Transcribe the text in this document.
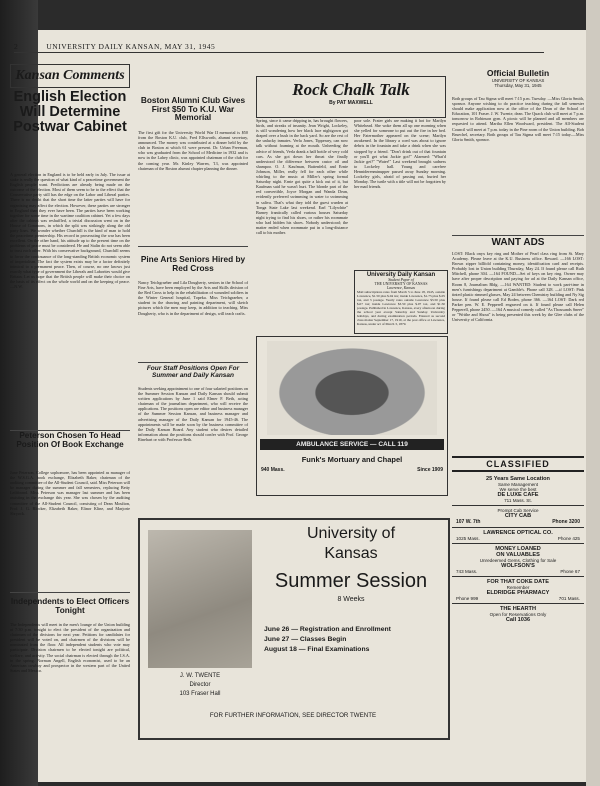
2	UNIVERSITY DAILY KANSAN, MAY 31, 1945
Kansan Comments
English Election Will Determine Postwar Cabinet
A general election in England is to be held early in July. The issue at stake is really the question of what kind of a peacetime government the English people want. Predictions are already being made on the outcome of the election. Most of them seem to be to the effect that the Conservative party still has the edge on the Labor and Liberal parties. There is no doubt that the short time the latter parties will have for organizing may affect the election. However, these parties are stronger in England than they ever have been. The parties have been working together for some time in the wartime coalition cabinet. Yet a few days after the cabinet was reshuffled, a trivial discussion went on in the House of Commons, in which the split was strikingly along the old party lines. We wonder whether Churchill is the kind of man to hold the peacetime premiership. His record in prosecuting the war has been excellent. On the other hand, his attitude up to the present time on the problems of peace must be considered. He and Stalin do not seem able to trust each other. With his conservative background, Churchill seems to favor the continuance of the long-standing British economic system of imperialism. The fact the system exists may be a factor definitely inimical to a permanent peace. Then, of course, no one knows just exactly what type of government the Liberals and Laborites would give Britain. Let us hope that the British people will make their choice on the basis of its effect on the whole world and on the keeping of peace.—N.W.
Peterson Chosen To Head Position Of Book Exchange
June Peterson, College sophomore, has been appointed as manager of the W.S.G.A. book exchange, Elizabeth Baker, chairman of the auditing committee of the All-Student Council, said. Miss Peterson will be manager during the summer and fall semesters, replacing Betty Leibbrand. Miss Peterson was manager last summer and has been assisting in the exchange this year. She was chosen by the auditing committee of the All-Student Council, consisting of Dean Moulton, Prof. J. G. Blocker, Elizabeth Baker, Elinor Kline, and Marjorie Shryock.
Independents to Elect Officers Tonight
The Independents will meet in the men's lounge of the Union building at 7:30 p.m. tonight to elect the president of the organization and chairmen of the divisions for next year. Petitions for candidates for president will be voted on, and chairmen of the divisions will be nominated from the floor. All independent students who vote may participate. Division chairmen to be elected tonight are political, welfare, and activity. The social chairman is elected through the I.S.A. in the spring. Norman Angell, English economist, used to be an American cowboy and prospector in the western part of the United States and Mexico.
Boston Alumni Club Gives First $50 To K.U. War Memorial
The first gift for the University World War II memorial is $50 from the Boston K.U. club, Fred Ellsworth, alumni secretary, announced. The money was contributed at a dinner held by the club in Boston at which 61 were present. Dr. Urban Freeman, who was graduated from the School of Medicine in 1932 and is now in the Lahey clinic, was appointed chairman of the club for the coming year. Mr. Kinley Warren, '13, was appointed chairman of the Boston alumni chapter planning the dinner.
Pine Arts Seniors Hired by Red Cross
Nancy Teichgraeber and Lila Dougherty, seniors in the School of Fine Arts, have been employed by the Arts and Skills division of the Red Cross to help in the rehabilitation of wounded soldiers in the Winter General hospital, Topeka. Miss Teichgraeber, a student in the drawing and painting department, will sketch pictures which the men may keep, in addition to teaching. Miss Dougherty, who is in the department of design, will teach crafts.
Four Staff Positions Open For Summer and Daily Kansan
Students seeking appointment to one of four salaried positions on the Summer Session Kansan and Daily Kansan should submit written applications by June 1 said Elmer F. Beth, acting chairman of the journalism department, who will receive the applications. The positions open are editor and business manager of the Summer Session Kansan, and business manager and advertising manager of the Daily Kansan for 1945-46. The appointments will be made soon by the business committee of the Daily Kansan Board. Any student who desires detailed information about the positions should confer with Prof. George Rinehart or with Professor Beth.
Rock Chalk Talk
By PAT MAXWELL
Spring, since it came dripping in, has brought flowers, birds, and streaks of insanity. Jean Wright, Lockeley, is still wondering how her black lace nightgown got draped over a bush in the back yard. So are the rest of the unlucky inmates. Verla Jones, Tipperary, can now talk without foaming at the mouth. Unheeding the advice of friends, Verla drank a half bottle of very cold cars. As she got down her throat she finally understood the difference between castor oil and shampoo. O. J. Kaufman, Battenfeld, and Ernie Johnson, Miller, really fell for each other while whirling to the music at Miller's spring formal Saturday night. Ernie got quite a kick out of it, but Kaufman said he wasn't hurt. The blonde part of the red convertible, Joyce Morgan and Wanda Dean, evidently preferred swimming in water to swimming in saliva. That's what they told the guest warden at Tonga State Lake last weekend. Earl "Lilywhite" Barney frantically called various houses Saturday night trying to find his shoes, or rather his roommate who had hidden his shoes. Nobody understood; the matter ended when roommate put in a long-distance call to his mother.
poor sole. Frater girls are making it hot for Marilyn Whitehead. She woke them all up one morning when she yelled for someone to put out the fire in her bed. Her Fatermother appeared on the scene; Marilyn awakened. In the library a coed was about to ignore debris in the fountain and take a drink when she was stopped by a friend. "Don't drink out of that fountain or you'll get what Jackie got!" Alarmed: "What'd Jackie get?" "Water!" Last weekend brought sadness to Lockeley hall. Young and carefree Henniderenminupper passed away Sunday morning. Lockeley girls, afraid of passing out, buried her Monday. The turtle with a title will not be forgotten by her mad friends.
University Daily Kansan
Student Paper of
THE UNIVERSITY OF KANSAS
Lawrence, Kansas
Mail subscriptions rates from March 5 to June 18, 1945, outside Lawrence, $1.50 plus $.04 tax; inside Lawrence, $1.75 plus $.05 tax, and 3 postage. Yearly rates outside Lawrence $3.50 plus $.07 tax; inside Lawrence $3.50 plus $.07 tax, and $1.50 postage. Published in Lawrence, Kansas, every afternoon during the school year except Saturday and Sunday. University holidays, and during examination periods. Entered as second class matter September 17, 1910, at the post office at Lawrence, Kansas, under act of March 3, 1879.
AMBULANCE SERVICE — CALL 119
Funk's Mortuary and Chapel
940 Mass.	Since 1909
J. W. TWENTE
Director
103 Fraser Hall
University of
Kansas
Summer Session
8 Weeks
June 26 — Registration and Enrollment
June 27 — Classes Begin
August 18 — Final Examinations
FOR FURTHER INFORMATION, SEE DIRECTOR TWENTE
Official Bulletin
UNIVERSITY OF KANSAS
Thursday, May 31, 1945
Both groups of Tau Sigma will meet 7:15 p.m. Tuesday. —Miss Gloria Smith, sponsor. Anyone wishing to do practice teaching during the fall semester should make application now at the office of the Dean of the School of Education, 101 Fraser. J. W. Twente, dean. The Quack club will meet at 7 p.m. tomorrow in Robinson gym. A picnic will be planned and all members are requested to attend. Martha Ellen Woodward, president. The All-Student Council will meet at 7 p.m. today in the Pine room of the Union building. Bob Bruechel, secretary. Both groups of Tau Sigma will meet 7:15 today.—Miss Gloria Smith, sponsor.
WANT ADS
LOST: Black onyx key ring and Mother of Pearl class ring from St. Mary Academy. Please leave at the K.U. Business office. Reward. —166 LOST: Brown zipper billfold containing money, identification card and receipts. Probably lost in Union building Thursday, May 24. If found please call Ruth Mitchell, phone 304. —164 FOUND—Set of keys on key ring. Owner may have after proper description and paying for ad at the Daily Kansan office, Room 8, Journalism Bldg. —164 WANTED: Student to work part-time in men's furnishings department at Gamble's. Phone call 328. —tf LOST: Pink tinted plastic rimmed glasses, May 24 between Chemistry building and Ny Sig house. If found please call Ed Boden, phone 366. —164 LOST: Dark red Parker pen. W. E. Pepperell engraved on it. If found please call Helen Pepperell, phone 2450. —164 A musical comedy called "As Thousands Sneer" or "Writhe and Shout" is being presented this week by the Glee clubs of the University of California.
CLASSIFIED
25 Years Same Location
Same Management
We serve the best
DE LUXE CAFE
711 Mass. St.
Prompt Cab Service
CITY CAB
107 W. 7th	Phone 3200
LAWRENCE OPTICAL CO.
1025 Mass.	Phone 425
MONEY LOANED
ON VALUABLES
Unredeemed Gems, Clothing for Sale
WOLFSON'S
743 Mass.	Phone 67
FOR THAT COKE DATE
Remember
ELDRIDGE PHARMACY
Phone 999	701 Mass.
THE HEARTH
Open for Reservations Only
Call 1036
